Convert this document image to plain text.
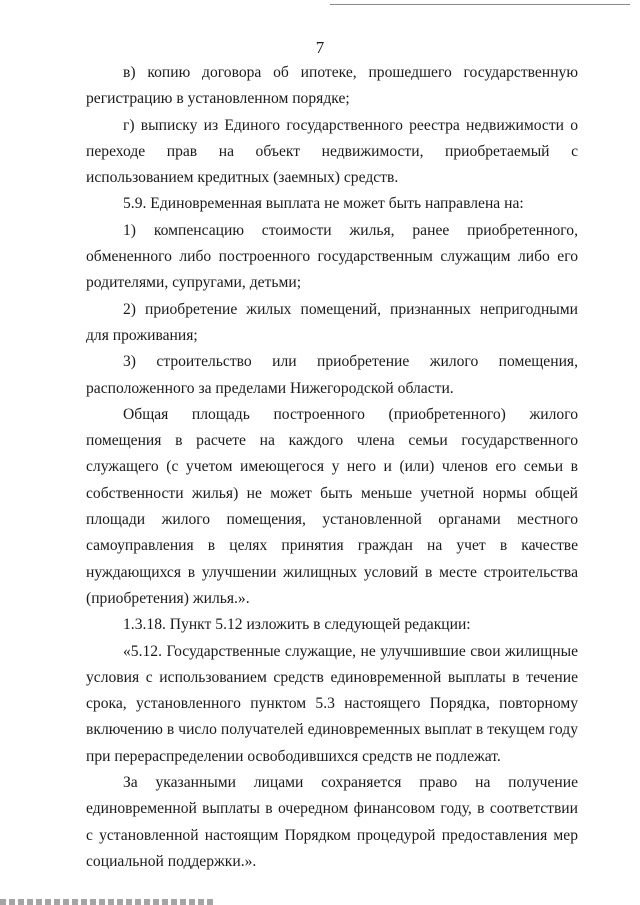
7

в) копию договора об ипотеке, прошедшего государственную регистрацию в установленном порядке;

г) выписку из Единого государственного реестра недвижимости о переходе прав на объект недвижимости, приобретаемый с использованием кредитных (заемных) средств.

5.9. Единовременная выплата не может быть направлена на:

1) компенсацию стоимости жилья, ранее приобретенного, обмененного либо построенного государственным служащим либо его родителями, супругами, детьми;

2) приобретение жилых помещений, признанных непригодными для проживания;

3) строительство или приобретение жилого помещения, расположенного за пределами Нижегородской области.

Общая площадь построенного (приобретенного) жилого помещения в расчете на каждого члена семьи государственного служащего (с учетом имеющегося у него и (или) членов его семьи в собственности жилья) не может быть меньше учетной нормы общей площади жилого помещения, установленной органами местного самоуправления в целях принятия граждан на учет в качестве нуждающихся в улучшении жилищных условий в месте строительства (приобретения) жилья.».

1.3.18. Пункт 5.12 изложить в следующей редакции:

«5.12. Государственные служащие, не улучшившие свои жилищные условия с использованием средств единовременной выплаты в течение срока, установленного пунктом 5.3 настоящего Порядка, повторному включению в число получателей единовременных выплат в текущем году при перераспределении освободившихся средств не подлежат.

За указанными лицами сохраняется право на получение единовременной выплаты в очередном финансовом году, в соответствии с установленной настоящим Порядком процедурой предоставления мер социальной поддержки.».
